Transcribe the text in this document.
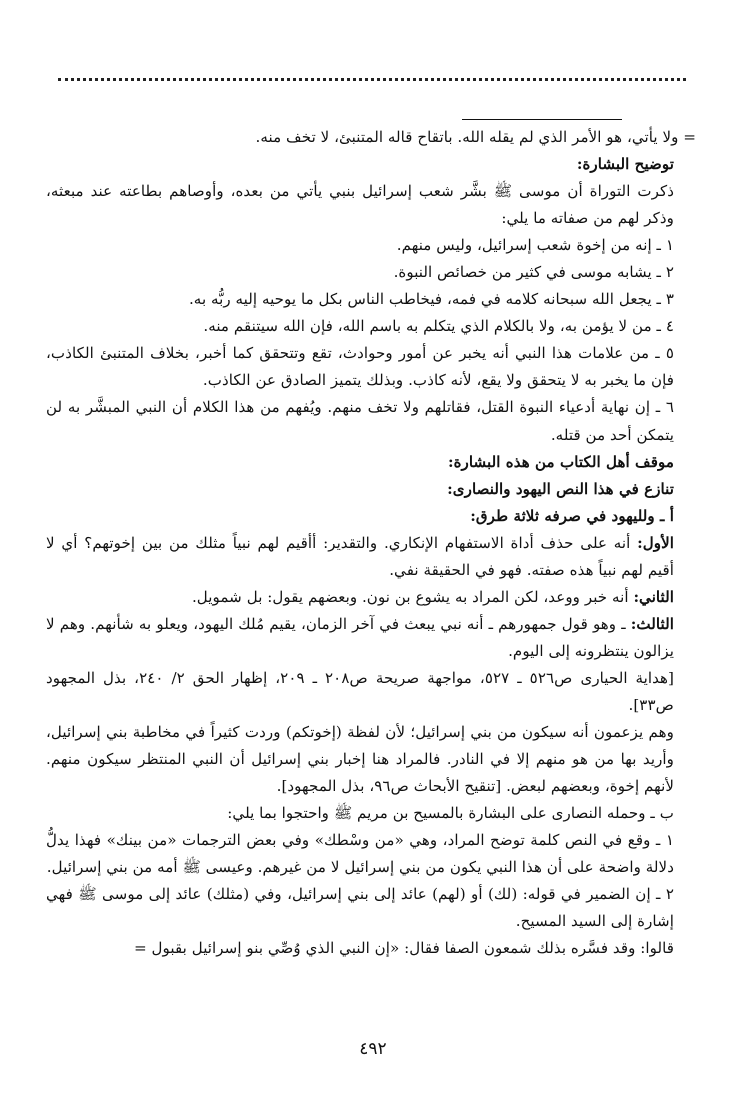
= ولا يأتي، هو الأمر الذي لم يقله الله. باتقاح قاله المتنبئ، لا تخف منه.

توضيح البشارة:

ذكرت التوراة أن موسى ﷺ بشَّر شعب إسرائيل بنبي يأتي من بعده، وأوصاهم بطاعته عند مبعثه، وذكر لهم من صفاته ما يلي:

١ ـ إنه من إخوة شعب إسرائيل، وليس منهم.

٢ ـ يشابه موسى في كثير من خصائص النبوة.

٣ ـ يجعل الله سبحانه كلامه في فمه، فيخاطب الناس بكل ما يوحيه إليه ربُّه به.

٤ ـ من لا يؤمن به، ولا بالكلام الذي يتكلم به باسم الله، فإن الله سيتنقم منه.

٥ ـ من علامات هذا النبي أنه يخبر عن أمور وحوادث، تقع وتتحقق كما أخبر، بخلاف المتنبئ الكاذب، فإن ما يخبر به لا يتحقق ولا يقع، لأنه كاذب. وبذلك يتميز الصادق عن الكاذب.

٦ ـ إن نهاية أدعياء النبوة القتل، فقاتلهم ولا تخف منهم. ويُفهم من هذا الكلام أن النبي المبشَّر به لن يتمكن أحد من قتله.

موقف أهل الكتاب من هذه البشارة:

تنازع في هذا النص اليهود والنصارى:

أ ـ ولليهود في صرفه ثلاثة طرق:

الأول: أنه على حذف أداة الاستفهام الإنكاري. والتقدير: أأقيم لهم نبياً مثلك من بين إخوتهم؟ أي لا أقيم لهم نبياً هذه صفته. فهو في الحقيقة نفي.

الثاني: أنه خبر ووعد، لكن المراد به يشوع بن نون. وبعضهم يقول: بل شمويل.

الثالث: ـ وهو قول جمهورهم ـ أنه نبي يبعث في آخر الزمان، يقيم مُلك اليهود، ويعلو به شأنهم. وهم لا يزالون ينتظرونه إلى اليوم.

[هداية الحيارى ص٥٢٦ ـ ٥٢٧، مواجهة صريحة ص٢٠٨ ـ ٢٠٩، إظهار الحق ٢/ ٢٤٠، بذل المجهود ص٣٣].

وهم يزعمون أنه سيكون من بني إسرائيل؛ لأن لفظة (إخوتكم) وردت كثيراً في مخاطبة بني إسرائيل، وأريد بها من هو منهم إلا في النادر. فالمراد هنا إخبار بني إسرائيل أن النبي المنتظر سيكون منهم. لأنهم إخوة، وبعضهم لبعض. [تنقيح الأبحاث ص٩٦، بذل المجهود].

ب ـ وحمله النصارى على البشارة بالمسيح بن مريم ﷺ واحتجوا بما يلي:

١ ـ وقع في النص كلمة توضح المراد، وهي «من وسْطك» وفي بعض الترجمات «من بينك» فهذا يدلُّ دلالة واضحة على أن هذا النبي يكون من بني إسرائيل لا من غيرهم. وعيسى ﷺ أمه من بني إسرائيل.

٢ ـ إن الضمير في قوله: (لك) أو (لهم) عائد إلى بني إسرائيل، وفي (مثلك) عائد إلى موسى ﷺ فهي إشارة إلى السيد المسيح.

قالوا: وقد فسَّره بذلك شمعون الصفا فقال: «إن النبي الذي وُصِّي بنو إسرائيل بقبول =

٤٩٢
